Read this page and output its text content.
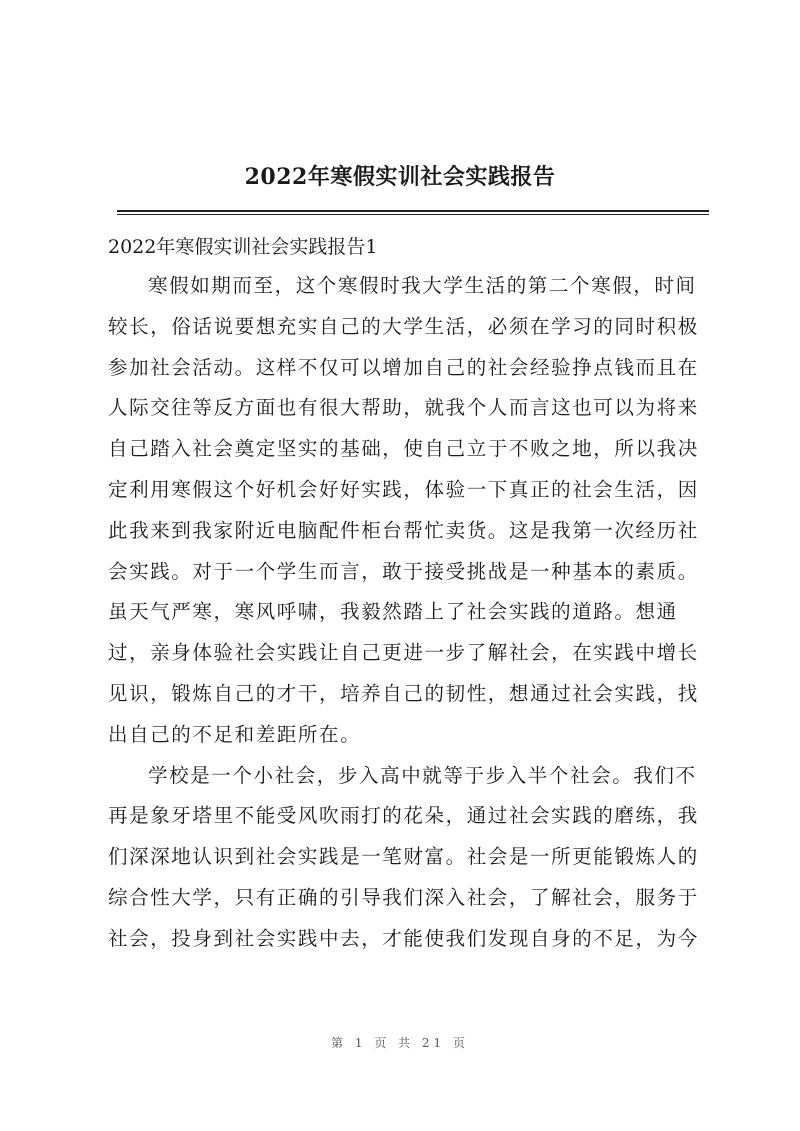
2022年寒假实训社会实践报告
2022年寒假实训社会实践报告1
寒假如期而至，这个寒假时我大学生活的第二个寒假，时间
较长，俗话说要想充实自己的大学生活，必须在学习的同时积极
参加社会活动。这样不仅可以增加自己的社会经验挣点钱而且在
人际交往等反方面也有很大帮助，就我个人而言这也可以为将来
自己踏入社会奠定坚实的基础，使自己立于不败之地，所以我决
定利用寒假这个好机会好好实践，体验一下真正的社会生活，因
此我来到我家附近电脑配件柜台帮忙卖货。这是我第一次经历社
会实践。对于一个学生而言，敢于接受挑战是一种基本的素质。
虽天气严寒，寒风呼啸，我毅然踏上了社会实践的道路。想通
过，亲身体验社会实践让自己更进一步了解社会，在实践中增长
见识，锻炼自己的才干，培养自己的韧性，想通过社会实践，找
出自己的不足和差距所在。
学校是一个小社会，步入高中就等于步入半个社会。我们不
再是象牙塔里不能受风吹雨打的花朵，通过社会实践的磨练，我
们深深地认识到社会实践是一笔财富。社会是一所更能锻炼人的
综合性大学，只有正确的引导我们深入社会，了解社会，服务于
社会，投身到社会实践中去，才能使我们发现自身的不足，为今
第 1 页 共 21 页
